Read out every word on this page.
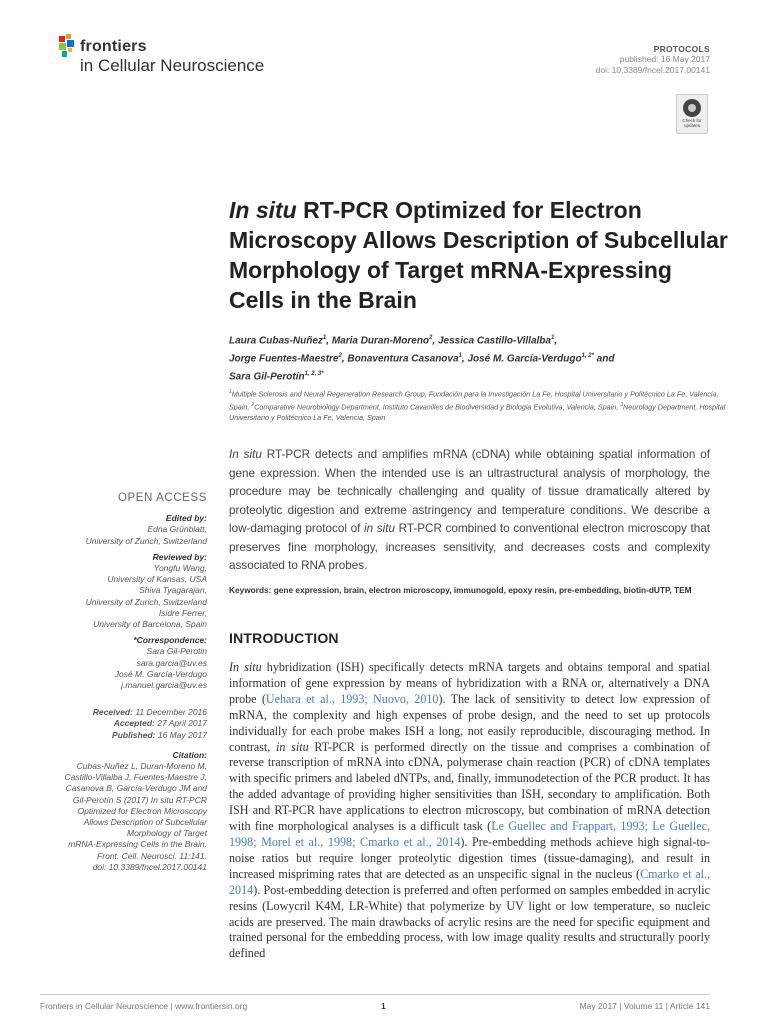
frontiers
in Cellular Neuroscience
PROTOCOLS
published: 16 May 2017
doi: 10.3389/fncel.2017.00141
Check for updates
In situ RT-PCR Optimized for Electron Microscopy Allows Description of Subcellular Morphology of Target mRNA-Expressing Cells in the Brain
Laura Cubas-Nuñez$^1$, Maria Duran-Moreno$^2$, Jessica Castillo-Villalba$^1$,
Jorge Fuentes-Maestre$^2$, Bonaventura Casanova$^1$, José M. García-Verdugo$^{1, 2*}$ and
Sara Gil-Perotín$^{1, 2, 3*}$
$^1$Multiple Sclerosis and Neural Regeneration Research Group, Fundación para la Investigación La Fe, Hospital Universitario y Politécnico La Fe, Valencia, Spain, $^2$Comparative Neurobiology Department, Instituto Cavanilles de Biodiversidad y Biologia Evolutiva, Valencia, Spain, $^3$Neurology Department, Hospital Universitario y Politécnico La Fe, Valencia, Spain
In situ RT-PCR detects and amplifies mRNA (cDNA) while obtaining spatial information of gene expression. When the intended use is an ultrastructural analysis of morphology, the procedure may be technically challenging and quality of tissue dramatically altered by proteolytic digestion and extreme astringency and temperature conditions. We describe a low-damaging protocol of in situ RT-PCR combined to conventional electron microscopy that preserves fine morphology, increases sensitivity, and decreases costs and complexity associated to RNA probes.
Keywords: gene expression, brain, electron microscopy, immunogold, epoxy resin, pre-embedding, biotin-dUTP, TEM
INTRODUCTION
In situ hybridization (ISH) specifically detects mRNA targets and obtains temporal and spatial information of gene expression by means of hybridization with a RNA or, alternatively a DNA probe (Uehara et al., 1993; Nuovo, 2010). The lack of sensitivity to detect low expression of mRNA, the complexity and high expenses of probe design, and the need to set up protocols individually for each probe makes ISH a long, not easily reproducible, discouraging method. In contrast, in situ RT-PCR is performed directly on the tissue and comprises a combination of reverse transcription of mRNA into cDNA, polymerase chain reaction (PCR) of cDNA templates with specific primers and labeled dNTPs, and, finally, immunodetection of the PCR product. It has the added advantage of providing higher sensitivities than ISH, secondary to amplification. Both ISH and RT-PCR have applications to electron microscopy, but combination of mRNA detection with fine morphological analyses is a difficult task (Le Guellec and Frappart, 1993; Le Guellec, 1998; Morel et al., 1998; Cmarko et al., 2014). Pre-embedding methods achieve high signal-to-noise ratios but require longer proteolytic digestion times (tissue-damaging), and result in increased mispriming rates that are detected as an unspecific signal in the nucleus (Cmarko et al., 2014). Post-embedding detection is preferred and often performed on samples embedded in acrylic resins (Lowycril K4M, LR-White) that polymerize by UV light or low temperature, so nucleic acids are preserved. The main drawbacks of acrylic resins are the need for specific equipment and trained personal for the embedding process, with low image quality results and structurally poorly defined
OPEN ACCESS
Edited by:
Edna Grünblatt,
University of Zurich, Switzerland
Reviewed by:
Yongfu Wang,
University of Kansas, USA
Shiva Tyagarajan,
University of Zurich, Switzerland
Isidre Ferrer,
University of Barcelona, Spain
*Correspondence:
Sara Gil-Perotin
sara.garcia@uv.es
José M. García-Verdugo
j.manuel.garcia@uv.es
Received: 11 December 2016
Accepted: 27 April 2017
Published: 16 May 2017
Citation:
Cubas-Nuñez L, Duran-Moreno M,
Castillo-Villalba J, Fuentes-Maestre J,
Casanova B, García-Verdugo JM and
Gil-Perotín S (2017) In situ RT-PCR
Optimized for Electron Microscopy
Allows Description of Subcellular
Morphology of Target
mRNA-Expressing Cells in the Brain.
Front. Cell. Neurosci. 11:141.
doi: 10.3389/fncel.2017.00141
Frontiers in Cellular Neuroscience | www.frontiersin.org	1	May 2017 | Volume 11 | Article 141
